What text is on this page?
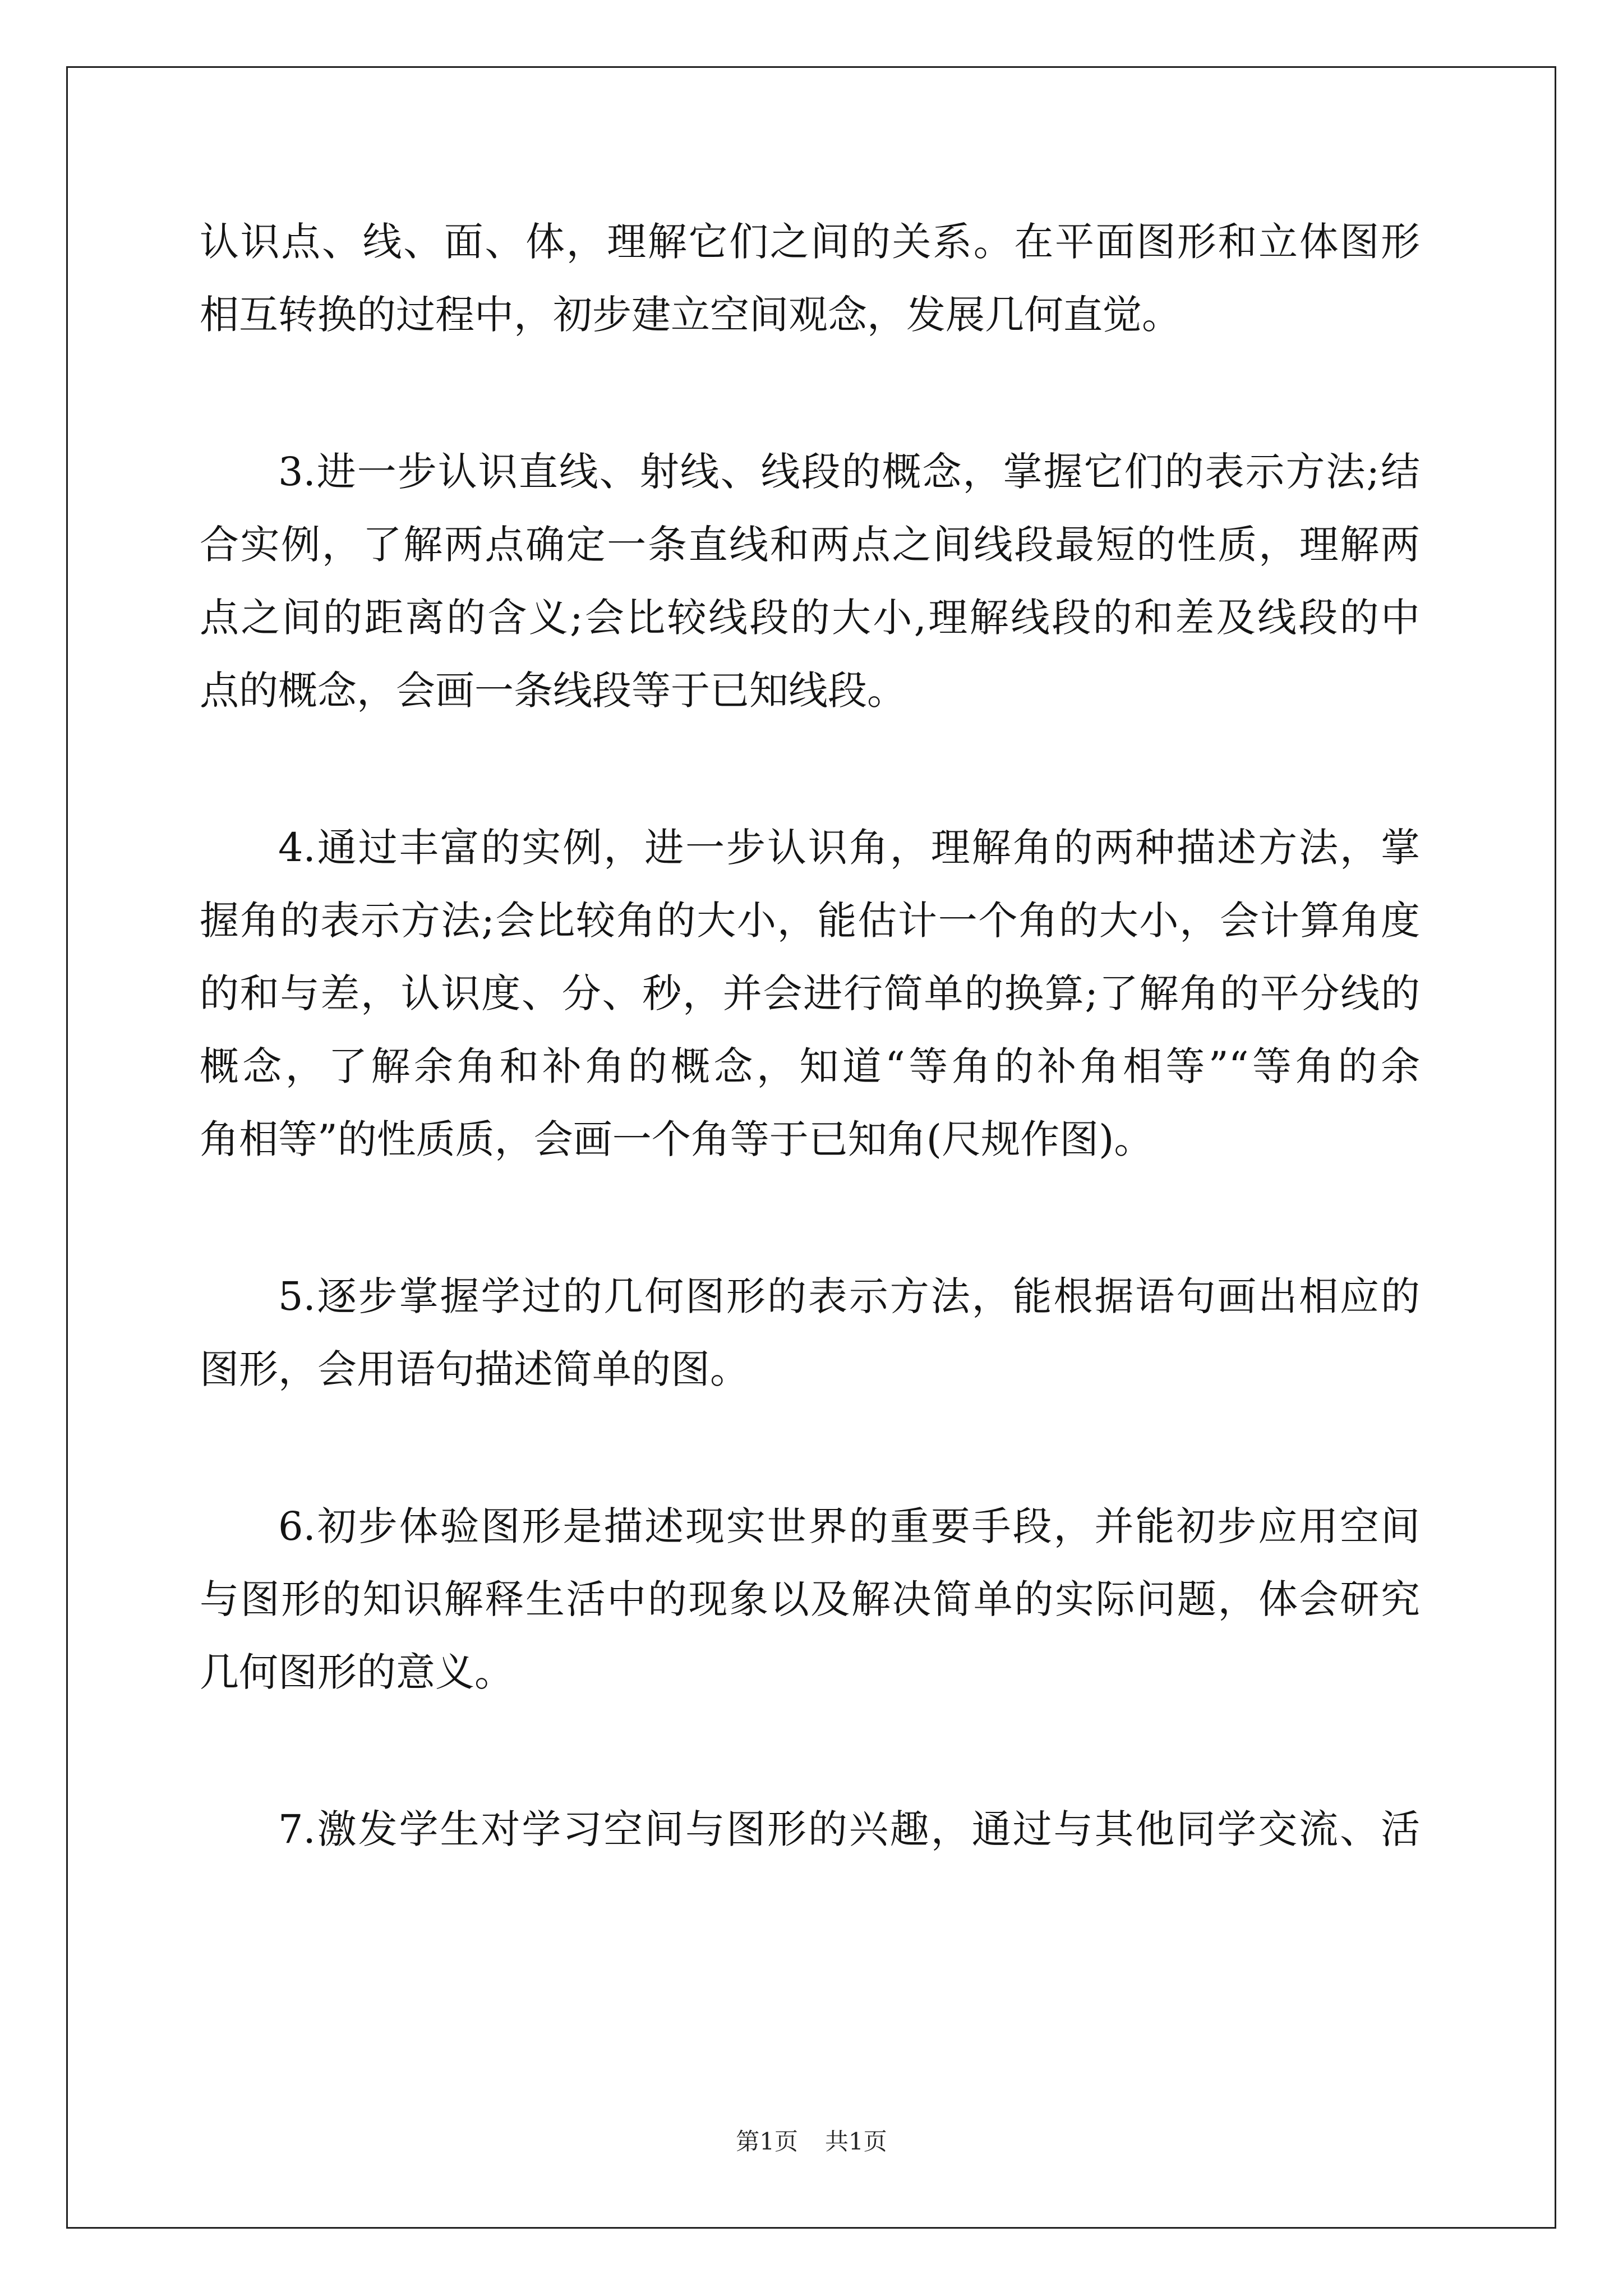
认识点、线、面、体，理解它们之间的关系。在平面图形和立体图形
相互转换的过程中，初步建立空间观念，发展几何直觉。
3.进一步认识直线、射线、线段的概念，掌握它们的表示方法;结
合实例，了解两点确定一条直线和两点之间线段最短的性质，理解两
点之间的距离的含义;会比较线段的大小,理解线段的和差及线段的中
点的概念，会画一条线段等于已知线段。
4.通过丰富的实例，进一步认识角，理解角的两种描述方法，掌
握角的表示方法;会比较角的大小，能估计一个角的大小，会计算角度
的和与差，认识度、分、秒，并会进行简单的换算;了解角的平分线的
概念，了解余角和补角的概念，知道“等角的补角相等”“等角的余
角相等”的性质质，会画一个角等于已知角(尺规作图)。
5.逐步掌握学过的几何图形的表示方法，能根据语句画出相应的
图形，会用语句描述简单的图。
6.初步体验图形是描述现实世界的重要手段，并能初步应用空间
与图形的知识解释生活中的现象以及解决简单的实际问题，体会研究
几何图形的意义。
7.激发学生对学习空间与图形的兴趣，通过与其他同学交流、活
第1页 共1页
